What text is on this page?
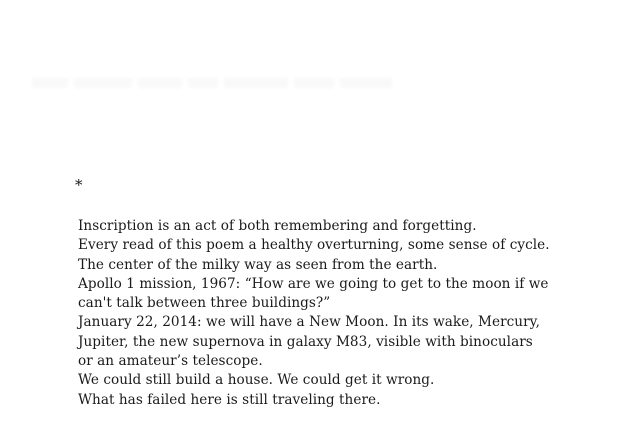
*
Inscription is an act of both remembering and forgetting.
Every read of this poem a healthy overturning, some sense of cycle.
The center of the milky way as seen from the earth.
Apollo 1 mission, 1967: “How are we going to get to the moon if we
can't talk between three buildings?”
January 22, 2014: we will have a New Moon. In its wake, Mercury,
Jupiter, the new supernova in galaxy M83, visible with binoculars
or an amateur’s telescope.
We could still build a house. We could get it wrong.
What has failed here is still traveling there.
